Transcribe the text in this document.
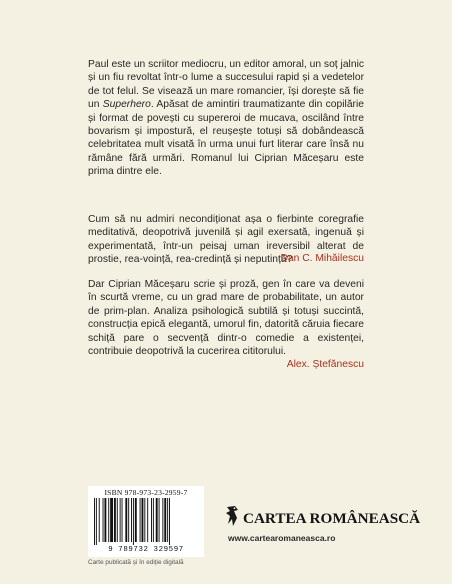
Paul este un scriitor mediocru, un editor amoral, un soț jalnic și un fiu revoltat într-o lume a succesului rapid și a vedetelor de tot felul. Se visează un mare romancier, își dorește să fie un Superhero. Apăsat de amintiri traumatizante din copilărie și format de povești cu supereroi de mucava, oscilând între bovarism și impostură, el reușește totuși să dobândească celebritatea mult visată în urma unui furt literar care însă nu rămâne fără urmări. Romanul lui Ciprian Măceșaru este prima dintre ele.

Cum să nu admiri necondiționat așa o fierbinte coregrafie meditativă, deopotrivă juvenilă și agil exersată, ingenuă și experimentată, într-un peisaj uman ireversibil alterat de prostie, rea-voință, rea-credință și neputință?

Dan C. Mihăilescu

Dar Ciprian Măceșaru scrie și proză, gen în care va deveni în scurtă vreme, cu un grad mare de probabilitate, un autor de prim-plan. Analiza psihologică subtilă și totuși succintă, construcția epică elegantă, umorul fin, datorită căruia fiecare schiță pare o secvență dintr-o comedie a existenței, contribuie deopotrivă la cucerirea cititorului.

Alex. Ștefănescu

ISBN 978-973-23-2959-7

9 789732 329597

Carte publicată și în ediție digitală

CARTEA ROMÂNEASCĂ

www.cartearomaneasca.ro
